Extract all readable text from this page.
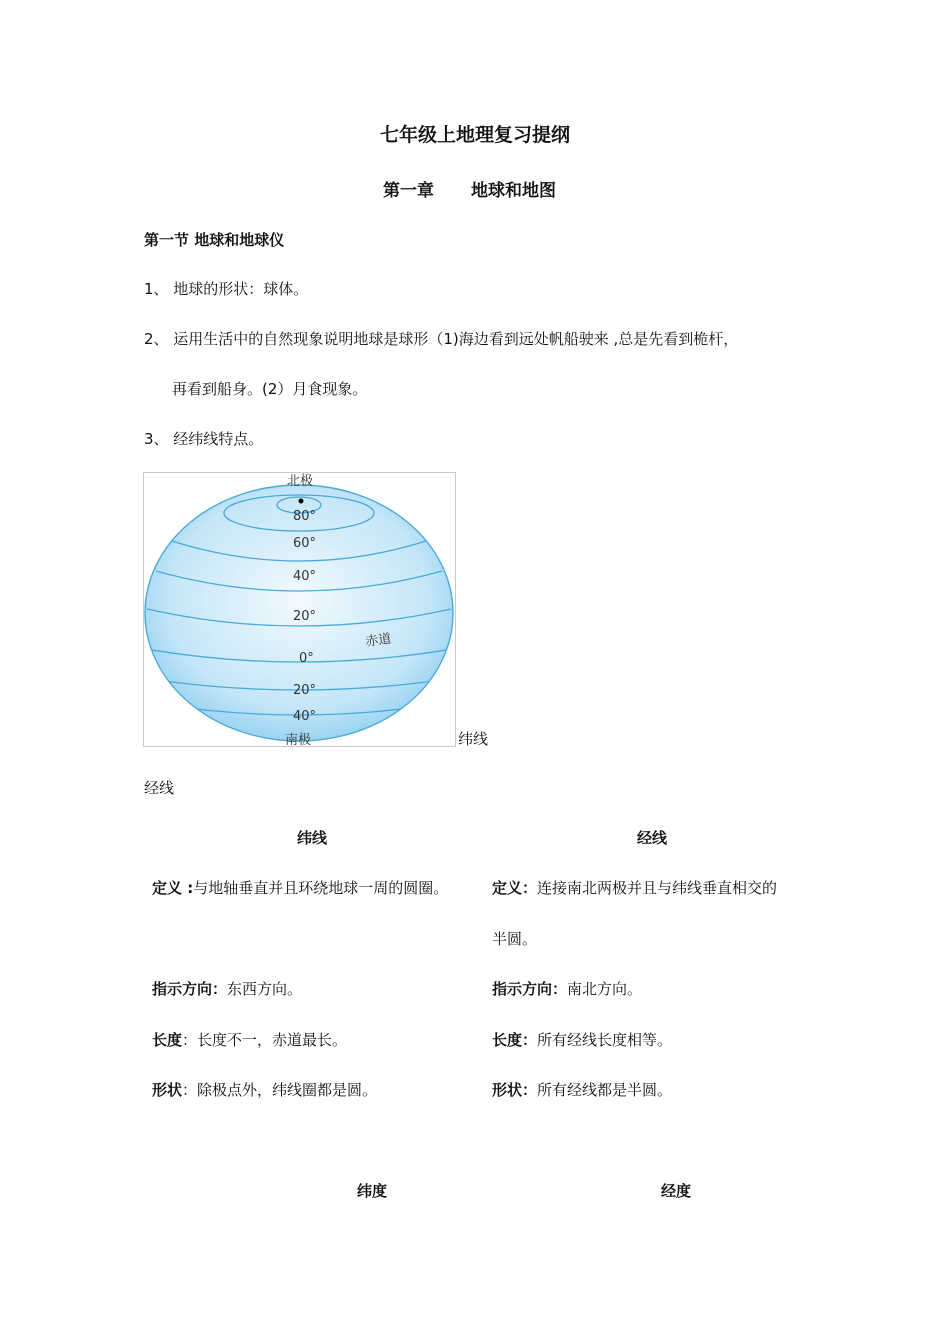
七年级上地理复习提纲
第一章 地球和地图
第一节 地球和地球仪
1、 地球的形状：球体。
2、 运用生活中的自然现象说明地球是球形（1)海边看到远处帆船驶来 ,总是先看到桅杆，
再看到船身。(2）月食现象。
3、 经纬线特点。
北极
80°
60°
40°
20°
0°
20°
40°
赤道
南极	纬线
经线
纬线	经线
定义 :与地轴垂直并且环绕地球一周的圆圈。	定义：连接南北两极并且与纬线垂直相交的
半圆。
指示方向：东西方向。	指示方向：南北方向。
长度：长度不一，赤道最长。	长度：所有经线长度相等。
形状：除极点外，纬线圈都是圆。	形状：所有经线都是半圆。
纬度	经度
